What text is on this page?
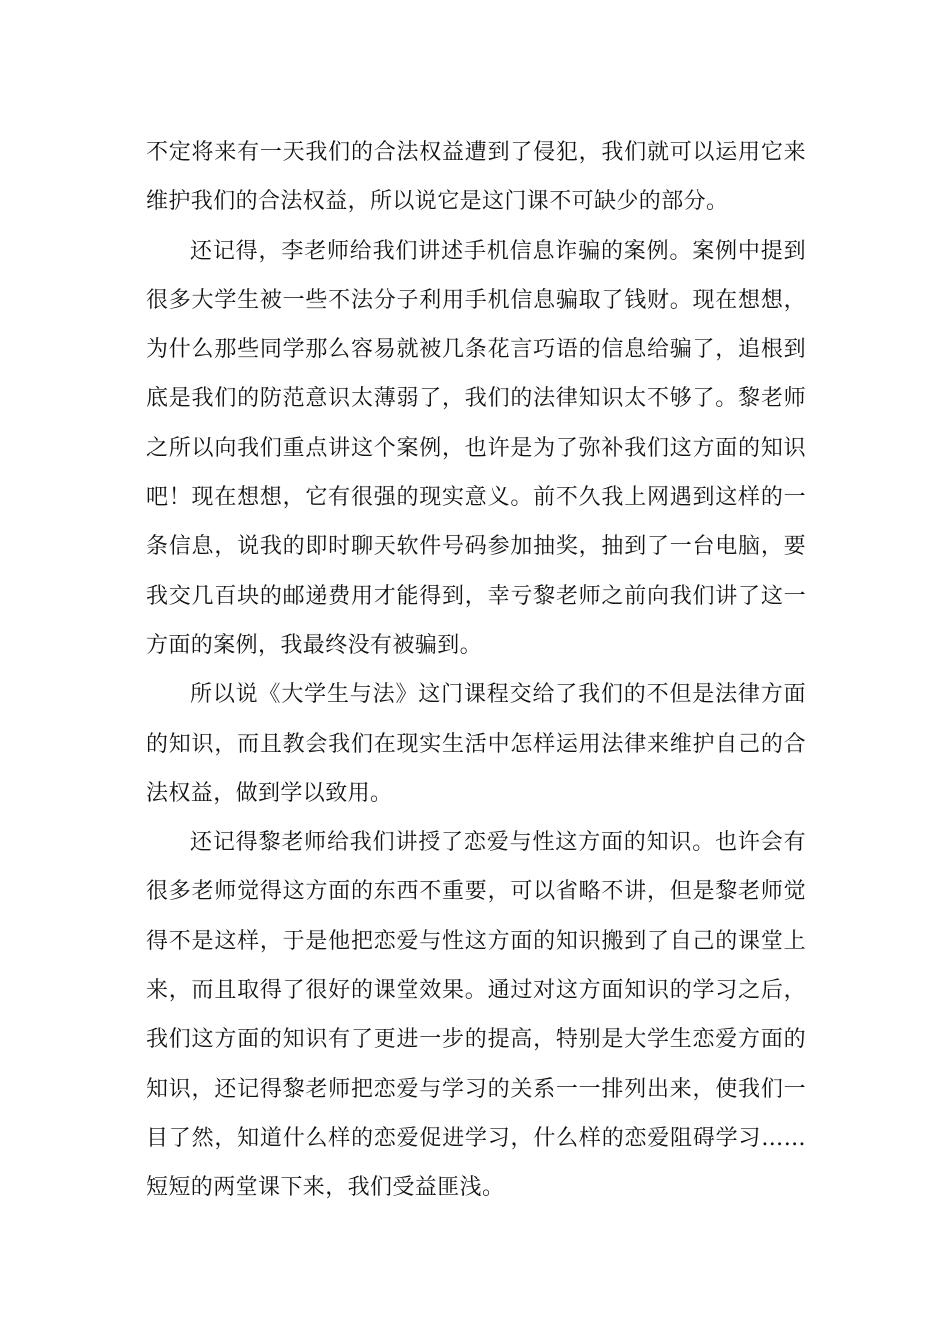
不定将来有一天我们的合法权益遭到了侵犯，我们就可以运用它来维护我们的合法权益，所以说它是这门课不可缺少的部分。

还记得，李老师给我们讲述手机信息诈骗的案例。案例中提到很多大学生被一些不法分子利用手机信息骗取了钱财。现在想想，为什么那些同学那么容易就被几条花言巧语的信息给骗了，追根到底是我们的防范意识太薄弱了，我们的法律知识太不够了。黎老师之所以向我们重点讲这个案例，也许是为了弥补我们这方面的知识吧！现在想想，它有很强的现实意义。前不久我上网遇到这样的一条信息，说我的即时聊天软件号码参加抽奖，抽到了一台电脑，要我交几百块的邮递费用才能得到，幸亏黎老师之前向我们讲了这一方面的案例，我最终没有被骗到。

所以说《大学生与法》这门课程交给了我们的不但是法律方面的知识，而且教会我们在现实生活中怎样运用法律来维护自己的合法权益，做到学以致用。

还记得黎老师给我们讲授了恋爱与性这方面的知识。也许会有很多老师觉得这方面的东西不重要，可以省略不讲，但是黎老师觉得不是这样，于是他把恋爱与性这方面的知识搬到了自己的课堂上来，而且取得了很好的课堂效果。通过对这方面知识的学习之后，我们这方面的知识有了更进一步的提高，特别是大学生恋爱方面的知识，还记得黎老师把恋爱与学习的关系一一排列出来，使我们一目了然，知道什么样的恋爱促进学习，什么样的恋爱阻碍学习……短短的两堂课下来，我们受益匪浅。
